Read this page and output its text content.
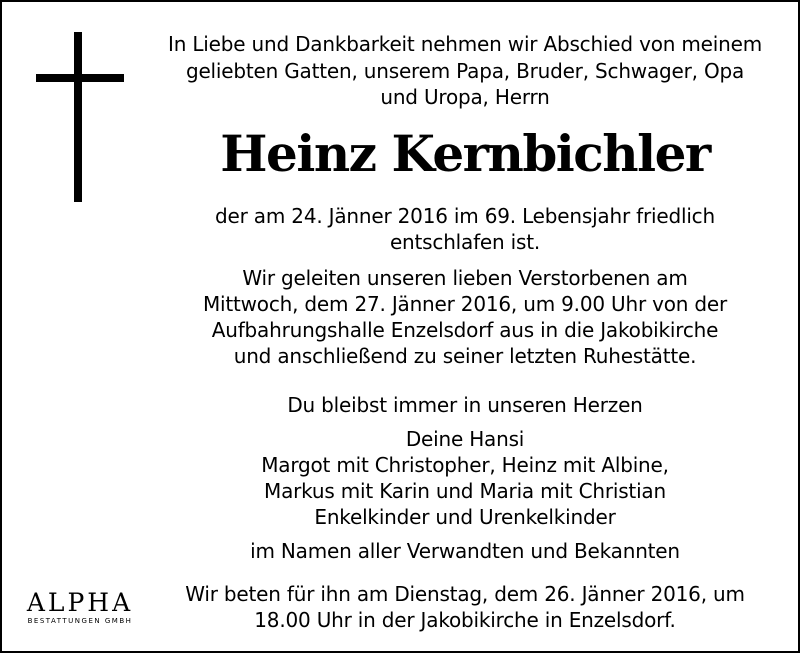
In Liebe und Dankbarkeit nehmen wir Abschied von meinem
geliebten Gatten, unserem Papa, Bruder, Schwager, Opa
und Uropa, Herrn
Heinz Kernbichler
der am 24. Jänner 2016 im 69. Lebensjahr friedlich
entschlafen ist.
Wir geleiten unseren lieben Verstorbenen am
Mittwoch, dem 27. Jänner 2016, um 9.00 Uhr von der
Aufbahrungshalle Enzelsdorf aus in die Jakobikirche
und anschließend zu seiner letzten Ruhestätte.
Du bleibst immer in unseren Herzen
Deine Hansi
Margot mit Christopher, Heinz mit Albine,
Markus mit Karin und Maria mit Christian
Enkelkinder und Urenkelkinder
im Namen aller Verwandten und Bekannten
Wir beten für ihn am Dienstag, dem 26. Jänner 2016, um
18.00 Uhr in der Jakobikirche in Enzelsdorf.
ALPHA
BESTATTUNGEN GMBH
